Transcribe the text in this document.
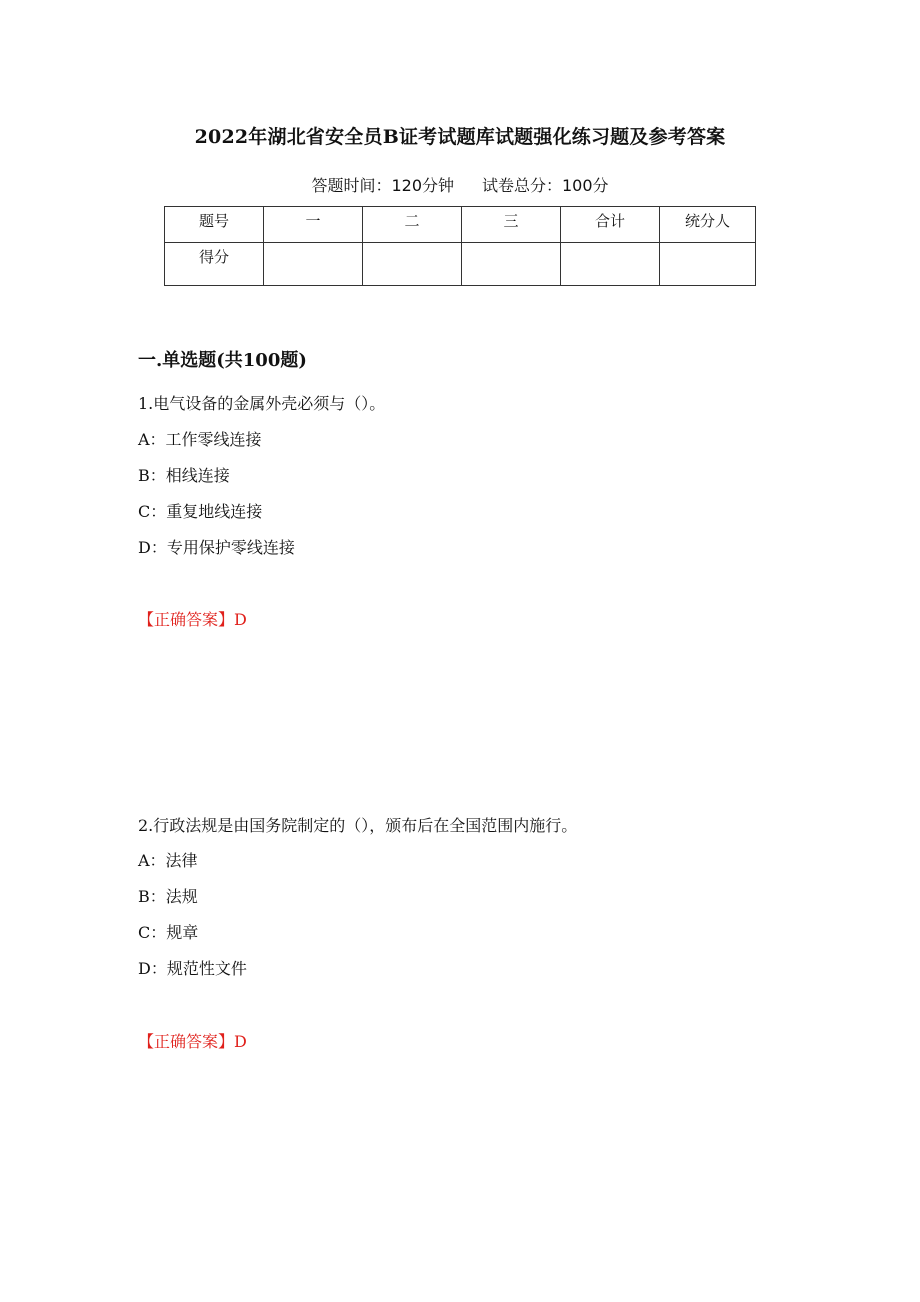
2022年湖北省安全员B证考试题库试题强化练习题及参考答案
答题时间：120分钟 试卷总分：100分
题号	一	二	三	合计	统分人
得分					
一.单选题(共100题)
1.电气设备的金属外壳必须与（）。
A：工作零线连接
B：相线连接
C：重复地线连接
D：专用保护零线连接
【正确答案】D
2.行政法规是由国务院制定的（），颁布后在全国范围内施行。
A：法律
B：法规
C：规章
D：规范性文件
【正确答案】D
